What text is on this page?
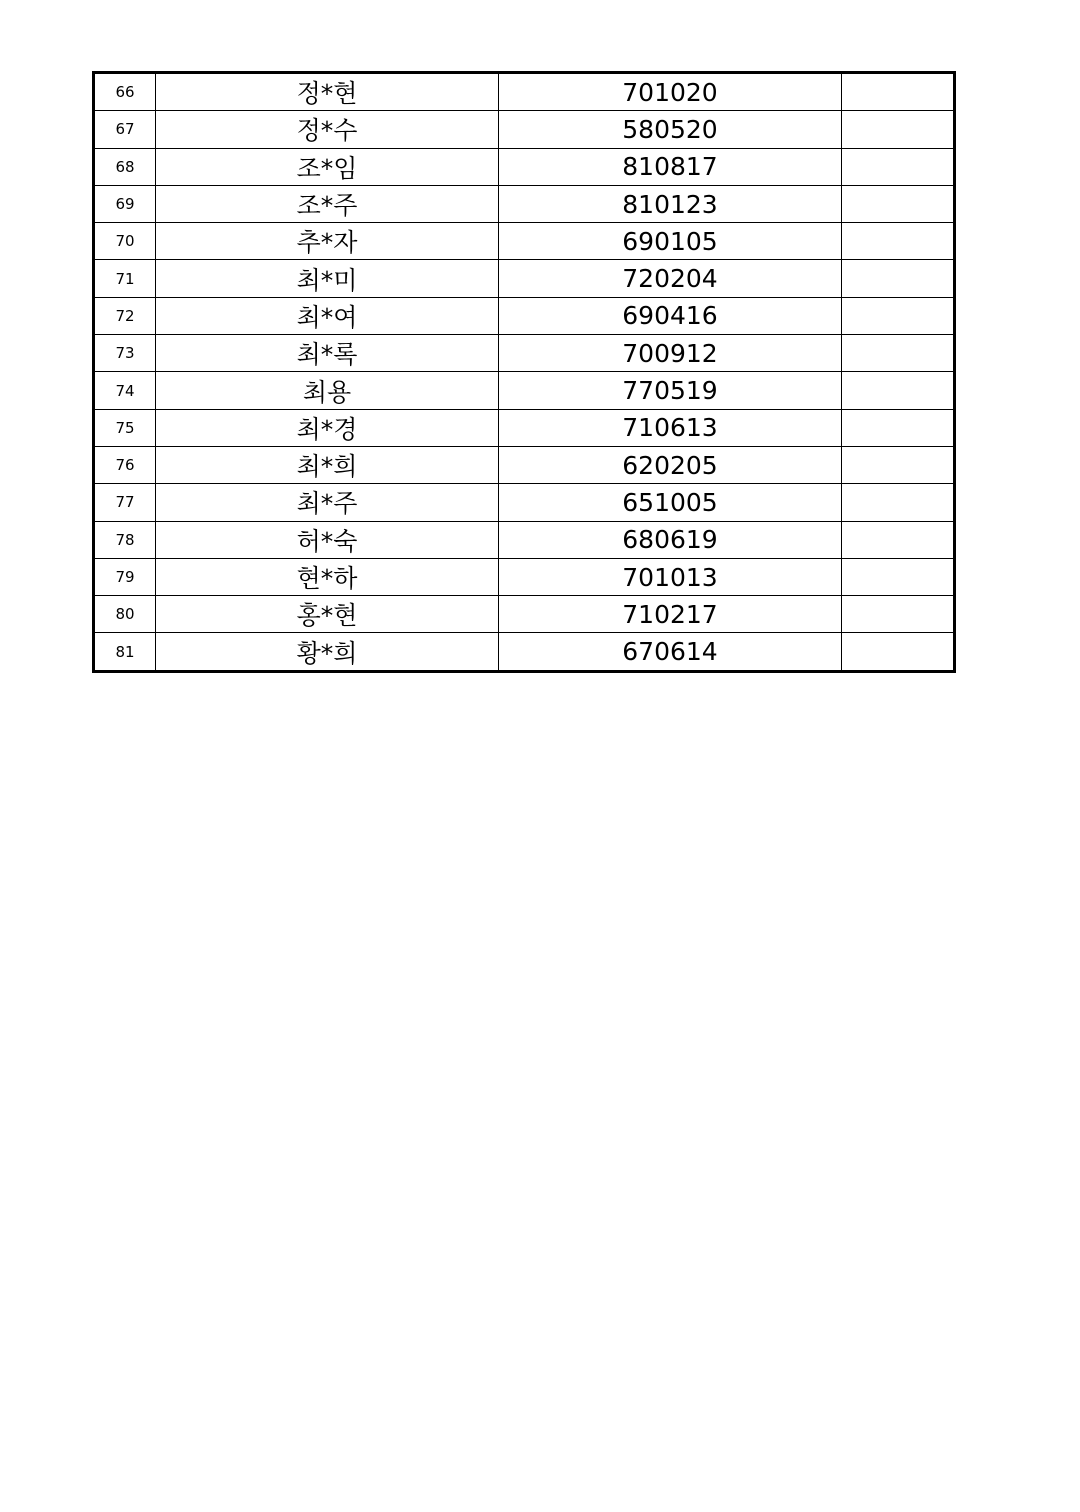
66	정*현	701020	
67	정*수	580520	
68	조*임	810817	
69	조*주	810123	
70	추*자	690105	
71	최*미	720204	
72	최*여	690416	
73	최*록	700912	
74	최용	770519	
75	최*경	710613	
76	최*희	620205	
77	최*주	651005	
78	허*숙	680619	
79	현*하	701013	
80	홍*현	710217	
81	황*희	670614	
